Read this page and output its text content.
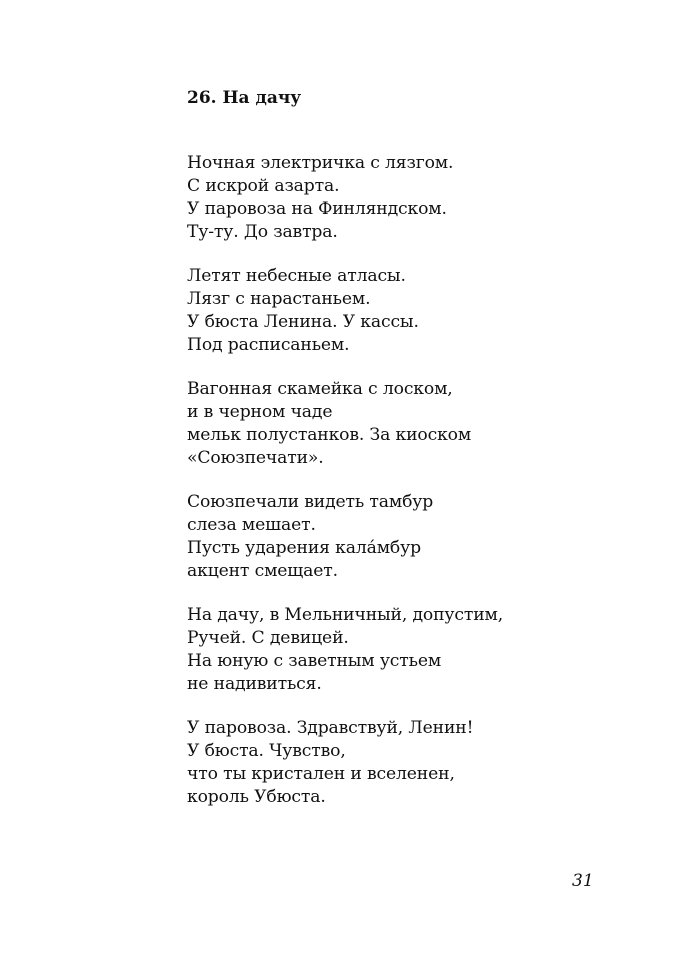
26. На дачу
Ночная электричка с лязгом.
С искрой азарта.
У паровоза на Финляндском.
Ту-ту. До завтра.
Летят небесные атласы.
Лязг с нарастаньем.
У бюста Ленина. У кассы.
Под расписаньем.
Вагонная скамейка с лоском,
и в черном чаде
мельк полустанков. За киоском
«Союзпечати».
Союзпечали видеть тамбур
слеза мешает.
Пусть ударения кала́мбур
акцент смещает.
На дачу, в Мельничный, допустим,
Ручей. С девицей.
На юную с заветным устьем
не надивиться.
У паровоза. Здравствуй, Ленин!
У бюста. Чувство,
что ты кристален и вселенен,
король Убюста.
31
